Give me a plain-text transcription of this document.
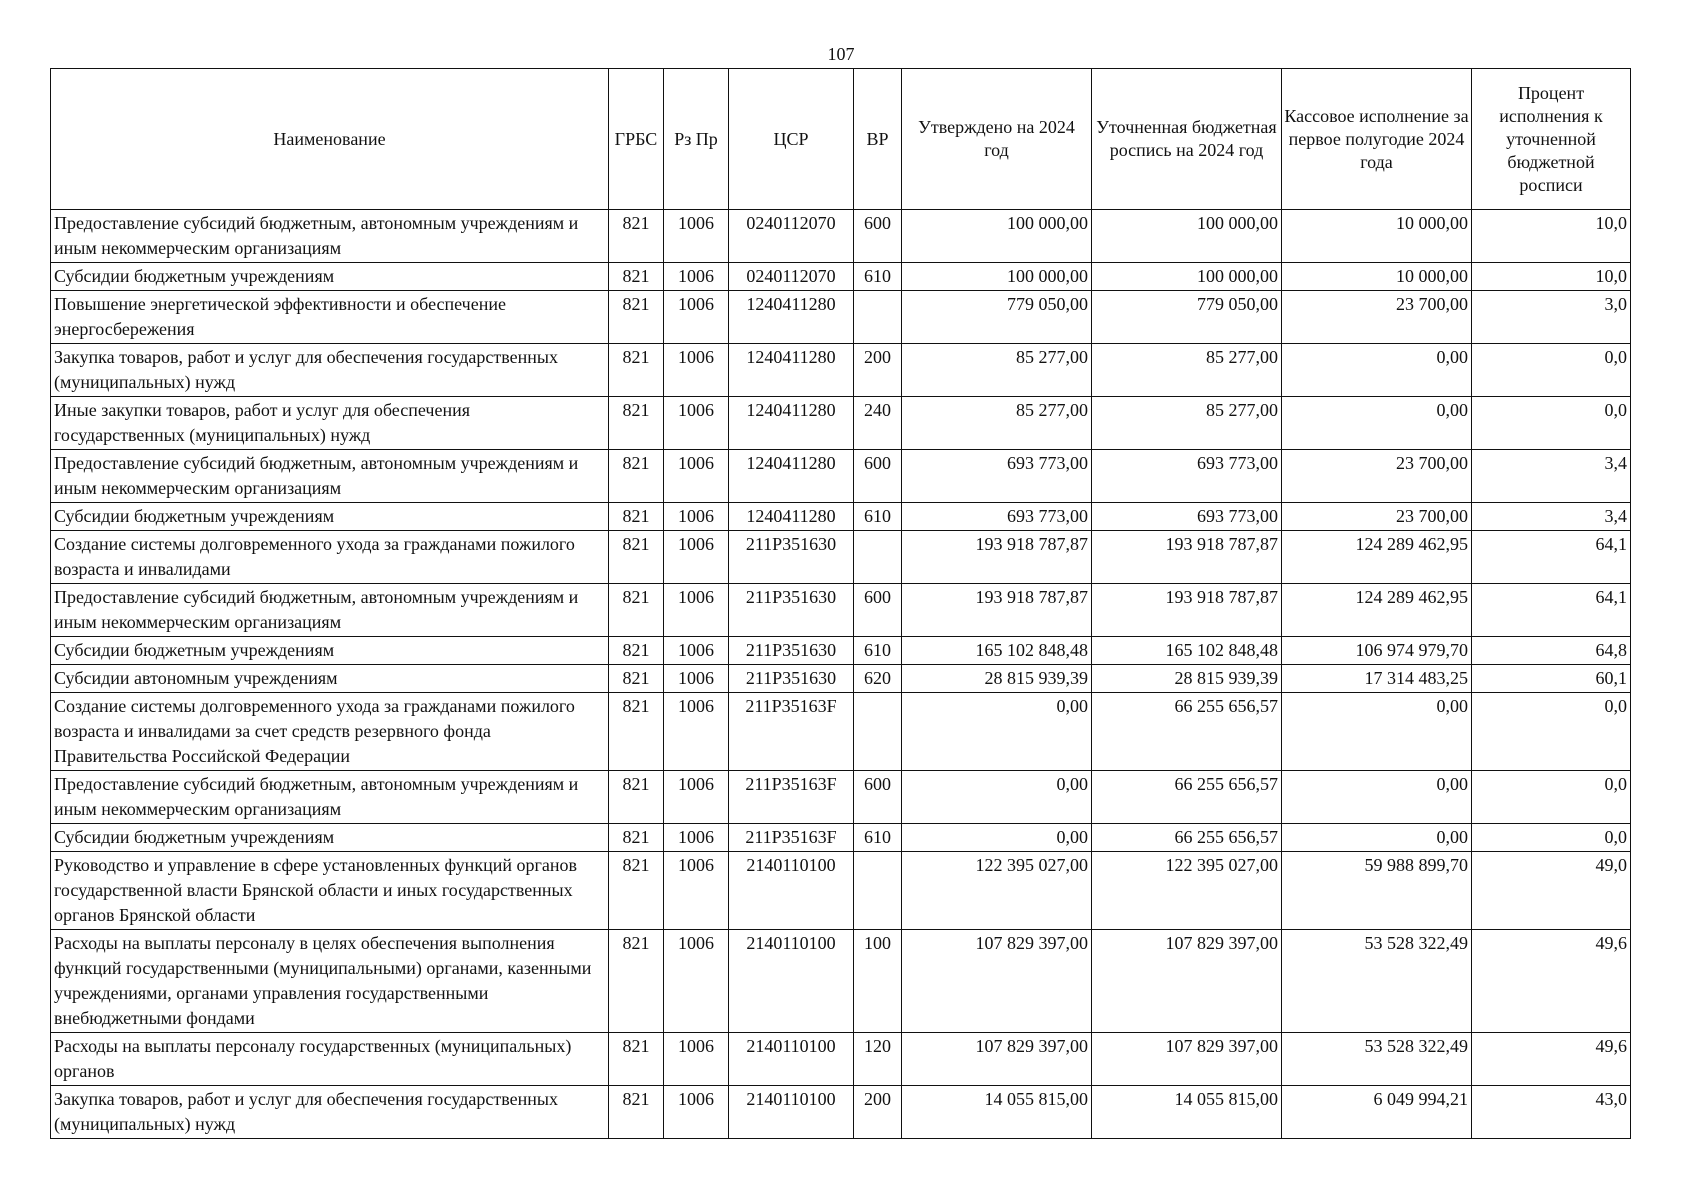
107
Наименование	ГРБС	Рз Пр	ЦСР	ВР	Утверждено на 2024 год	Уточненная бюджетная роспись на 2024 год	Кассовое исполнение за первое полугодие 2024 года	Процент исполнения к уточненной бюджетной росписи
Предоставление субсидий бюджетным, автономным учреждениям и иным некоммерческим организациям	821	1006	0240112070	600	100 000,00	100 000,00	10 000,00	10,0
Субсидии бюджетным учреждениям	821	1006	0240112070	610	100 000,00	100 000,00	10 000,00	10,0
Повышение энергетической эффективности и обеспечение энергосбережения	821	1006	1240411280		779 050,00	779 050,00	23 700,00	3,0
Закупка товаров, работ и услуг для обеспечения государственных (муниципальных) нужд	821	1006	1240411280	200	85 277,00	85 277,00	0,00	0,0
Иные закупки товаров, работ и услуг для обеспечения государственных (муниципальных) нужд	821	1006	1240411280	240	85 277,00	85 277,00	0,00	0,0
Предоставление субсидий бюджетным, автономным учреждениям и иным некоммерческим организациям	821	1006	1240411280	600	693 773,00	693 773,00	23 700,00	3,4
Субсидии бюджетным учреждениям	821	1006	1240411280	610	693 773,00	693 773,00	23 700,00	3,4
Создание системы долговременного ухода за гражданами пожилого возраста и инвалидами	821	1006	211P351630		193 918 787,87	193 918 787,87	124 289 462,95	64,1
Предоставление субсидий бюджетным, автономным учреждениям и иным некоммерческим организациям	821	1006	211P351630	600	193 918 787,87	193 918 787,87	124 289 462,95	64,1
Субсидии бюджетным учреждениям	821	1006	211P351630	610	165 102 848,48	165 102 848,48	106 974 979,70	64,8
Субсидии автономным учреждениям	821	1006	211P351630	620	28 815 939,39	28 815 939,39	17 314 483,25	60,1
Создание системы долговременного ухода за гражданами пожилого возраста и инвалидами за счет средств резервного фонда Правительства Российской Федерации	821	1006	211P35163F		0,00	66 255 656,57	0,00	0,0
Предоставление субсидий бюджетным, автономным учреждениям и иным некоммерческим организациям	821	1006	211P35163F	600	0,00	66 255 656,57	0,00	0,0
Субсидии бюджетным учреждениям	821	1006	211P35163F	610	0,00	66 255 656,57	0,00	0,0
Руководство и управление в сфере установленных функций органов государственной власти Брянской области и иных государственных органов Брянской области	821	1006	2140110100		122 395 027,00	122 395 027,00	59 988 899,70	49,0
Расходы на выплаты персоналу в целях обеспечения выполнения функций государственными (муниципальными) органами, казенными учреждениями, органами управления государственными внебюджетными фондами	821	1006	2140110100	100	107 829 397,00	107 829 397,00	53 528 322,49	49,6
Расходы на выплаты персоналу государственных (муниципальных) органов	821	1006	2140110100	120	107 829 397,00	107 829 397,00	53 528 322,49	49,6
Закупка товаров, работ и услуг для обеспечения государственных (муниципальных) нужд	821	1006	2140110100	200	14 055 815,00	14 055 815,00	6 049 994,21	43,0
